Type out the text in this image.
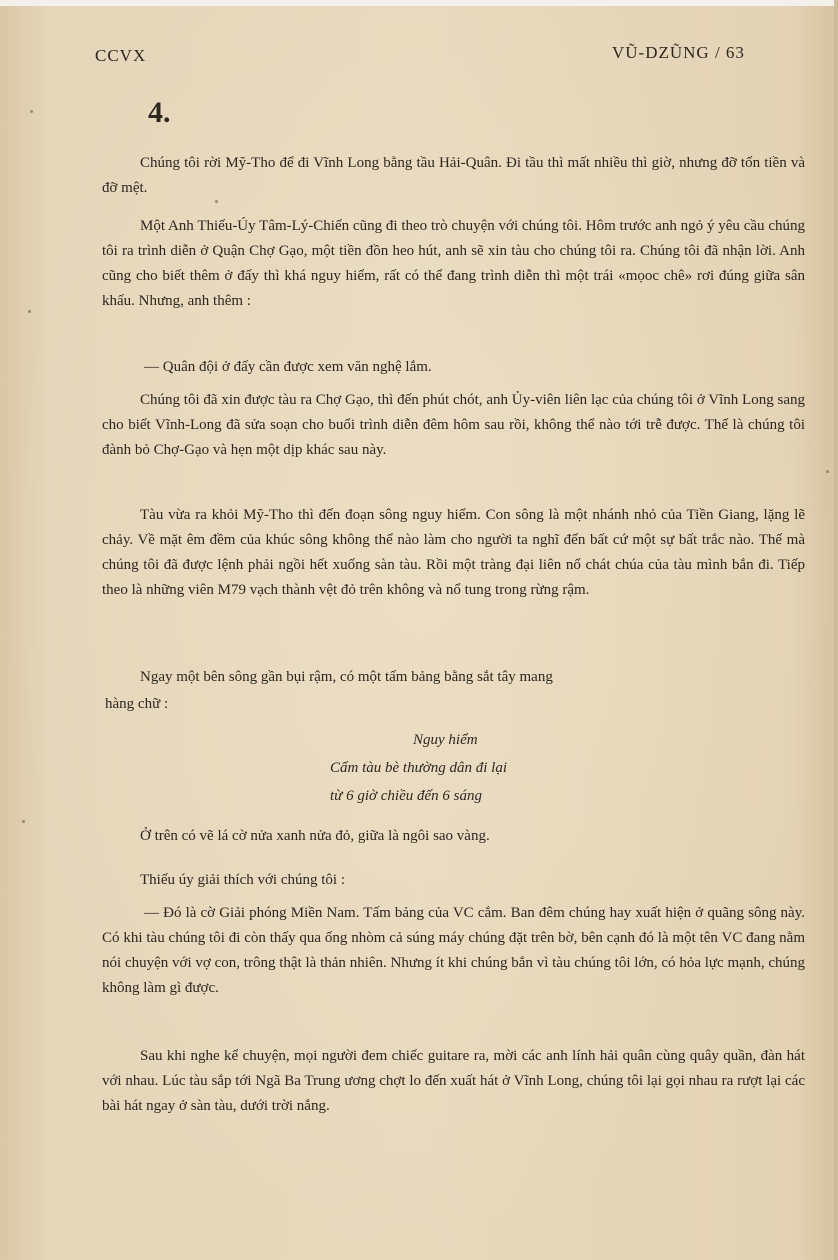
CCVX	VŨ-DZŨNG / 63
4.
Chúng tôi rời Mỹ-Tho để đi Vĩnh Long bằng tầu Hải-Quân. Đi tầu thì mất nhiều thì giờ, nhưng đỡ tốn tiền và đỡ mệt.
Một Anh Thiếu-Úy Tâm-Lý-Chiến cũng đi theo trò chuyện với chúng tôi. Hôm trước anh ngỏ ý yêu cầu chúng tôi ra trình diễn ở Quận Chợ Gạo, một tiền đồn heo hút, anh sẽ xin tàu cho chúng tôi ra. Chúng tôi đã nhận lời. Anh cũng cho biết thêm ở đấy thì khá nguy hiểm, rất có thể đang trình diễn thì một trái «mọoc chê» rơi đúng giữa sân khấu. Nhưng, anh thêm :
— Quân đội ở đấy cần được xem văn nghệ lắm.
Chúng tôi đã xin được tàu ra Chợ Gạo, thì đến phút chót, anh Ủy-viên liên lạc của chúng tôi ở Vĩnh Long sang cho biết Vĩnh-Long đã sửa soạn cho buổi trình diễn đêm hôm sau rồi, không thể nào tới trễ được. Thế là chúng tôi đành bỏ Chợ-Gạo và hẹn một dịp khác sau này.
Tàu vừa ra khỏi Mỹ-Tho thì đến đoạn sông nguy hiểm. Con sông là một nhánh nhỏ của Tiền Giang, lặng lẽ chảy. Về mặt êm đềm của khúc sông không thể nào làm cho người ta nghĩ đến bất cứ một sự bất trắc nào. Thế mà chúng tôi đã được lệnh phải ngồi hết xuống sàn tàu. Rồi một tràng đại liên nổ chát chúa của tàu mình bắn đi. Tiếp theo là những viên M79 vạch thành vệt đỏ trên không và nổ tung trong rừng rậm.
Ngay một bên sông gần bụi rậm, có một tấm bảng bằng sắt tây mang
hàng chữ :
Nguy hiểm
Cấm tàu bè thường dân đi lại
từ 6 giờ chiều đến 6 sáng
Ở trên có vẽ lá cờ nửa xanh nửa đỏ, giữa là ngôi sao vàng.
Thiếu úy giải thích với chúng tôi :
— Đó là cờ Giải phóng Miền Nam. Tấm bảng của VC cắm. Ban đêm chúng hay xuất hiện ở quãng sông này. Có khi tàu chúng tôi đi còn thấy qua ống nhòm cả súng máy chúng đặt trên bờ, bên cạnh đó là một tên VC đang nằm nói chuyện với vợ con, trông thật là thản nhiên. Nhưng ít khi chúng bắn vì tàu chúng tôi lớn, có hỏa lực mạnh, chúng không làm gì được.
Sau khi nghe kể chuyện, mọi người đem chiếc guitare ra, mời các anh lính hải quân cùng quây quần, đàn hát với nhau. Lúc tàu sắp tới Ngã Ba Trung ương chợt lo đến xuất hát ở Vĩnh Long, chúng tôi lại gọi nhau ra rượt lại các bài hát ngay ở sàn tàu, dưới trời nắng.
